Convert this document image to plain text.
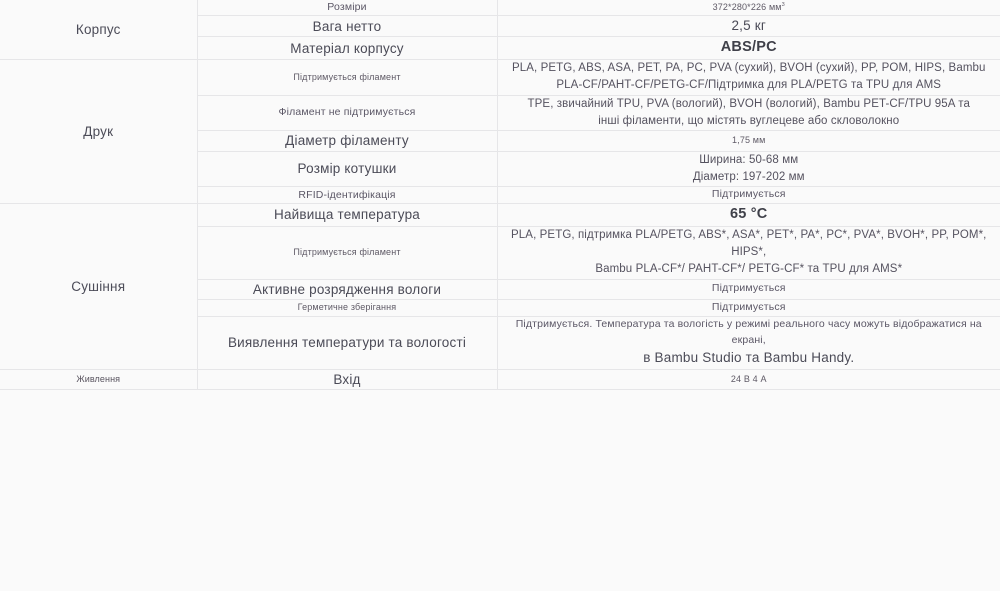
Корпус	Розміри	372*280*226 $мм^3$

	Вага нетто	2,5 кг

	Матеріал корпусу	ABS/PC

Друк	Підтримується філамент	PLA, PETG, ABS, ASA, PET, PA, PC, PVA (сухий), BVOH (сухий), PP, POM, HIPS, Bambu
PLA-CF/PAHT-CF/PETG-CF/Підтримка для PLA/PETG та TPU для AMS

	Філамент не підтримується	TPE, звичайний TPU, PVA (вологий), BVOH (вологий), Bambu PET-CF/TPU 95A та
інші філаменти, що містять вуглецеве або скловолокно

	Діаметр філаменту	1,75 мм

	Розмір котушки	Ширина: 50-68 мм
Діаметр: 197-202 мм

	RFID-ідентифікація	Підтримується

Сушіння	Найвища температура	65 °C

	Підтримується філамент	PLA, PETG, підтримка PLA/PETG, ABS*, ASA*, PET*, PA*, PC*, PVA*, BVOH*, PP, POM*, HIPS*,
Bambu PLA-CF*/ PAHT-CF*/ PETG-CF* та TPU для AMS*

	Активне розрядження вологи	Підтримується

	Герметичне зберігання	Підтримується

	Виявлення температури та вологості	Підтримується. Температура та вологість у режимі реального часу можуть відображатися на екрані,
в Bambu Studio та Bambu Handy.

Живлення	Вхід	24 В 4 А
